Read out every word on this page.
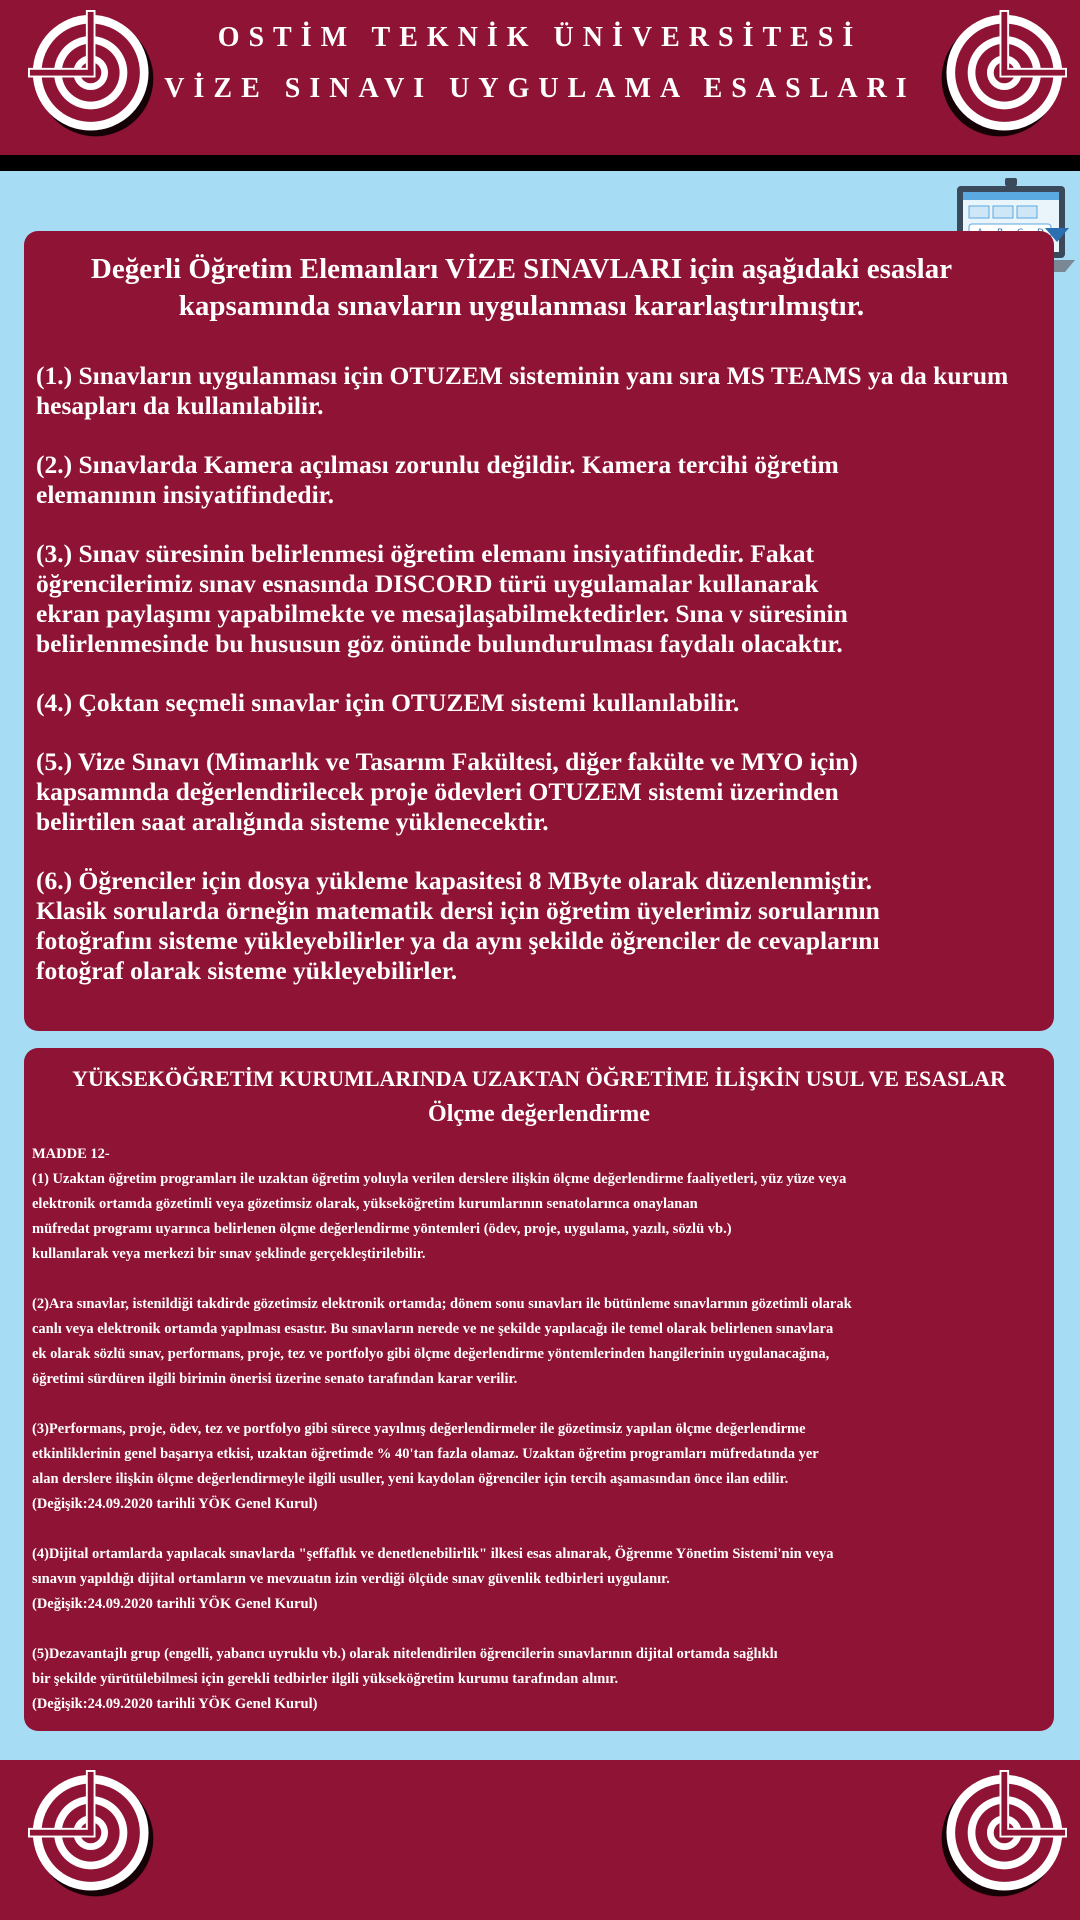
OSTİM TEKNİK ÜNİVERSİTESİ
VİZE SINAVI UYGULAMA ESASLARI
Değerli Öğretim Elemanları VİZE SINAVLARI için aşağıdaki esaslar kapsamında sınavların uygulanması kararlaştırılmıştır.

(1.) Sınavların uygulanması için OTUZEM sisteminin yanı sıra MS TEAMS ya da kurum
hesapları da kullanılabilir.

(2.) Sınavlarda Kamera açılması zorunlu değildir. Kamera tercihi öğretim
elemanının insiyatifindedir.

(3.) Sınav süresinin belirlenmesi öğretim elemanı insiyatifindedir. Fakat
öğrencilerimiz sınav esnasında DISCORD türü uygulamalar kullanarak
ekran paylaşımı yapabilmekte ve mesajlaşabilmektedirler. Sına v süresinin
belirlenmesinde bu hususun göz önünde bulundurulması faydalı olacaktır.

(4.) Çoktan seçmeli sınavlar için OTUZEM sistemi kullanılabilir.

(5.) Vize Sınavı (Mimarlık ve Tasarım Fakültesi, diğer fakülte ve MYO için)
kapsamında değerlendirilecek proje ödevleri OTUZEM sistemi üzerinden
belirtilen saat aralığında sisteme yüklenecektir.

(6.) Öğrenciler için dosya yükleme kapasitesi 8 MByte olarak düzenlenmiştir.
Klasik sorularda örneğin matematik dersi için öğretim üyelerimiz sorularının
fotoğrafını sisteme yükleyebilirler ya da aynı şekilde öğrenciler de cevaplarını
fotoğraf olarak sisteme yükleyebilirler.

YÜKSEKÖĞRETİM KURUMLARINDA UZAKTAN ÖĞRETİME İLİŞKİN USUL VE ESASLAR
Ölçme değerlendirme

MADDE 12-

(1) Uzaktan öğretim programları ile uzaktan öğretim yoluyla verilen derslere ilişkin ölçme değerlendirme faaliyetleri, yüz yüze veya
elektronik ortamda gözetimli veya gözetimsiz olarak, yükseköğretim kurumlarının senatolarınca onaylanan
müfredat programı uyarınca belirlenen ölçme değerlendirme yöntemleri (ödev, proje, uygulama, yazılı, sözlü vb.)
kullanılarak veya merkezi bir sınav şeklinde gerçekleştirilebilir.

(2)Ara sınavlar, istenildiği takdirde gözetimsiz elektronik ortamda; dönem sonu sınavları ile bütünleme sınavlarının gözetimli olarak
canlı veya elektronik ortamda yapılması esastır. Bu sınavların nerede ve ne şekilde yapılacağı ile temel olarak belirlenen sınavlara
ek olarak sözlü sınav, performans, proje, tez ve portfolyo gibi ölçme değerlendirme yöntemlerinden hangilerinin uygulanacağına,
öğretimi sürdüren ilgili birimin önerisi üzerine senato tarafından karar verilir.

(3)Performans, proje, ödev, tez ve portfolyo gibi sürece yayılmış değerlendirmeler ile gözetimsiz yapılan ölçme değerlendirme
etkinliklerinin genel başarıya etkisi, uzaktan öğretimde % 40'tan fazla olamaz. Uzaktan öğretim programları müfredatında yer
alan derslere ilişkin ölçme değerlendirmeyle ilgili usuller, yeni kaydolan öğrenciler için tercih aşamasından önce ilan edilir.
(Değişik:24.09.2020 tarihli YÖK Genel Kurul)

(4)Dijital ortamlarda yapılacak sınavlarda "şeffaflık ve denetlenebilirlik" ilkesi esas alınarak, Öğrenme Yönetim Sistemi'nin veya
sınavın yapıldığı dijital ortamların ve mevzuatın izin verdiği ölçüde sınav güvenlik tedbirleri uygulanır.
(Değişik:24.09.2020 tarihli YÖK Genel Kurul)

(5)Dezavantajlı grup (engelli, yabancı uyruklu vb.) olarak nitelendirilen öğrencilerin sınavlarının dijital ortamda sağlıklı
bir şekilde yürütülebilmesi için gerekli tedbirler ilgili yükseköğretim kurumu tarafından alınır.
(Değişik:24.09.2020 tarihli YÖK Genel Kurul)
